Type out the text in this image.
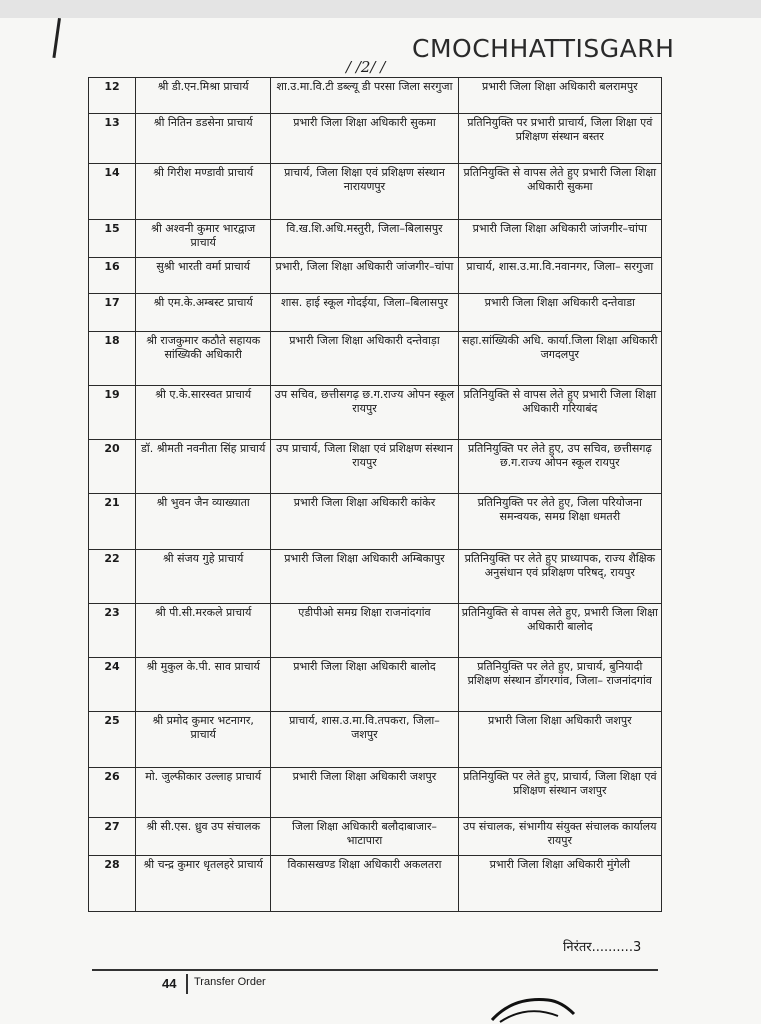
CMOCHHATTISGARH
/ /2/ /
12	श्री डी.एन.मिश्रा प्राचार्य	शा.उ.मा.वि.टी डब्ल्यू डी परसा जिला सरगुजा	प्रभारी जिला शिक्षा अधिकारी बलरामपुर
13	श्री नितिन डडसेना प्राचार्य	प्रभारी जिला शिक्षा अधिकारी सुकमा	प्रतिनियुक्ति पर प्रभारी प्राचार्य, जिला शिक्षा एवं प्रशिक्षण संस्थान बस्तर
14	श्री गिरीश मण्डावी प्राचार्य	प्राचार्य, जिला शिक्षा एवं प्रशिक्षण संस्थान नारायणपुर	प्रतिनियुक्ति से वापस लेते हुए प्रभारी जिला शिक्षा अधिकारी सुकमा
15	श्री अश्वनी कुमार भारद्वाज प्राचार्य	वि.ख.शि.अधि.मस्तुरी, जिला–बिलासपुर	प्रभारी जिला शिक्षा अधिकारी जांजगीर–चांपा
16	सुश्री भारती वर्मा प्राचार्य	प्रभारी, जिला शिक्षा अधिकारी जांजगीर–चांपा	प्राचार्य, शास.उ.मा.वि.नवानगर, जिला– सरगुजा
17	श्री एम.के.अम्बस्ट प्राचार्य	शास. हाई स्कूल गोदईया, जिला–बिलासपुर	प्रभारी जिला शिक्षा अधिकारी दन्तेवाडा
18	श्री राजकुमार कठौते सहायक सांख्यिकी अधिकारी	प्रभारी जिला शिक्षा अधिकारी दन्तेवाड़ा	सहा.सांख्यिकी अधि. कार्या.जिला शिक्षा अधिकारी जगदलपुर
19	श्री ए.के.सारस्वत प्राचार्य	उप सचिव, छत्तीसगढ़ छ.ग.राज्य ओपन स्कूल रायपुर	प्रतिनियुक्ति से वापस लेते हुए प्रभारी जिला शिक्षा अधिकारी गरियाबंद
20	डॉ. श्रीमती नवनीता सिंह प्राचार्य	उप प्राचार्य, जिला शिक्षा एवं प्रशिक्षण संस्थान रायपुर	प्रतिनियुक्ति पर लेते हुए, उप सचिव, छत्तीसगढ़ छ.ग.राज्य ओपन स्कूल रायपुर
21	श्री भुवन जैन व्याख्याता	प्रभारी जिला शिक्षा अधिकारी कांकेर	प्रतिनियुक्ति पर लेते हुए, जिला परियोजना समन्वयक, समग्र शिक्षा धमतरी
22	श्री संजय गुहे प्राचार्य	प्रभारी जिला शिक्षा अधिकारी अम्बिकापुर	प्रतिनियुक्ति पर लेते हुए प्राध्यापक, राज्य शैक्षिक अनुसंधान एवं प्रशिक्षण परिषद्, रायपुर
23	श्री पी.सी.मरकले प्राचार्य	एडीपीओ समग्र शिक्षा राजनांदगांव	प्रतिनियुक्ति से वापस लेते हुए, प्रभारी जिला शिक्षा अधिकारी बालोद
24	श्री मुकुल के.पी. साव प्राचार्य	प्रभारी जिला शिक्षा अधिकारी बालोद	प्रतिनियुक्ति पर लेते हुए, प्राचार्य, बुनियादी प्रशिक्षण संस्थान डोंगरगांव, जिला– राजनांदगांव
25	श्री प्रमोद कुमार भटनागर, प्राचार्य	प्राचार्य, शास.उ.मा.वि.तपकरा, जिला– जशपुर	प्रभारी जिला शिक्षा अधिकारी जशपुर
26	मो. जुल्फीकार उल्लाह प्राचार्य	प्रभारी जिला शिक्षा अधिकारी जशपुर	प्रतिनियुक्ति पर लेते हुए, प्राचार्य, जिला शिक्षा एवं प्रशिक्षण संस्थान जशपुर
27	श्री सी.एस. ध्रुव उप संचालक	जिला शिक्षा अधिकारी बलौदाबाजार–भाटापारा	उप संचालक, संभागीय संयुक्त संचालक कार्यालय रायपुर
28	श्री चन्द्र कुमार धृतलहरे प्राचार्य	विकासखण्ड शिक्षा अधिकारी अकलतरा	प्रभारी जिला शिक्षा अधिकारी मुंगेली
निरंतर..........3
44 Transfer Order
